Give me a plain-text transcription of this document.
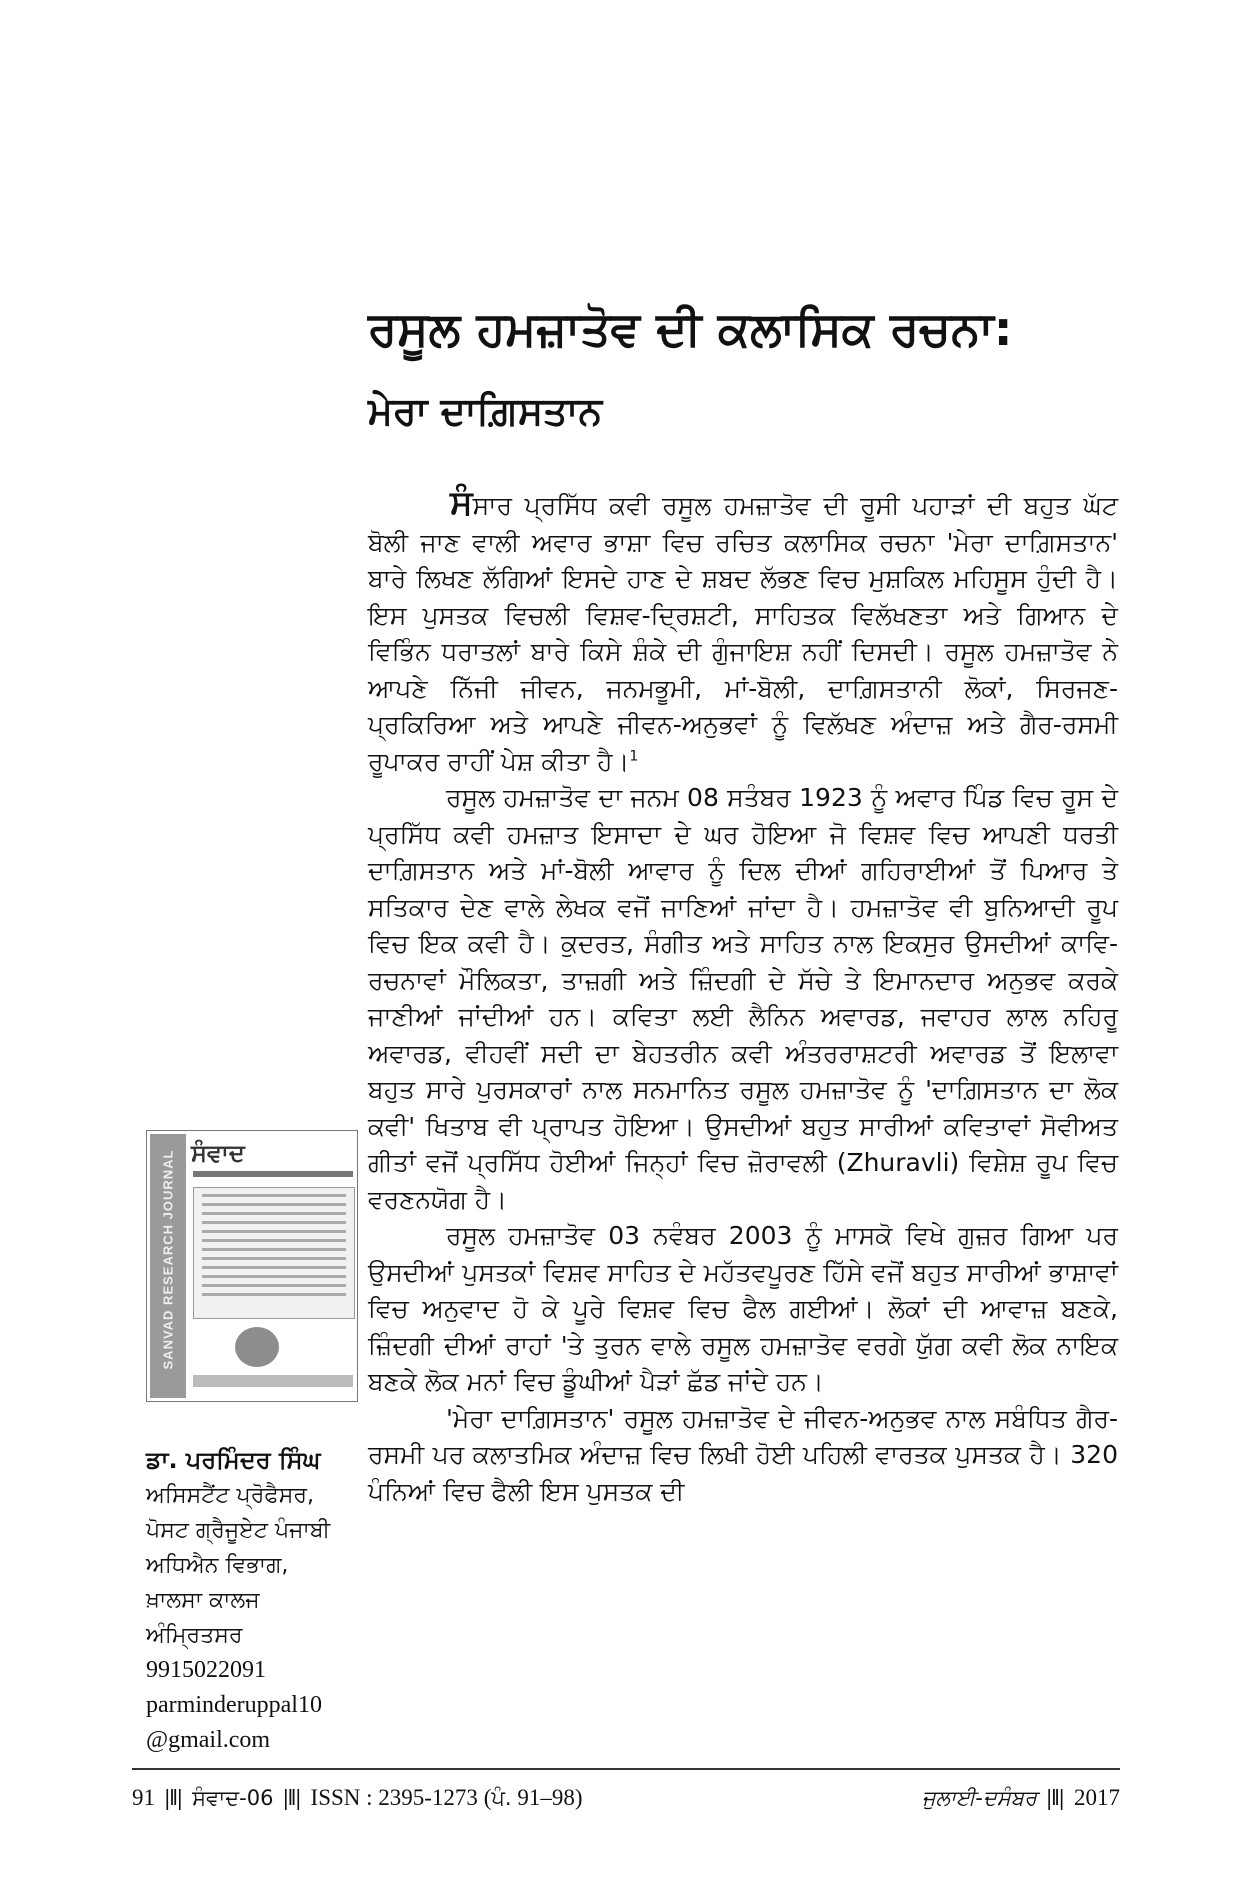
ਰਸੂਲ ਹਮਜ਼ਾਤੋਵ ਦੀ ਕਲਾਸਿਕ ਰਚਨਾ:
ਮੇਰਾ ਦਾਗ਼ਿਸਤਾਨ

ਸੰਸਾਰ ਪ੍ਰਸਿੱਧ ਕਵੀ ਰਸੂਲ ਹਮਜ਼ਾਤੋਵ ਦੀ ਰੂਸੀ ਪਹਾੜਾਂ ਦੀ ਬਹੁਤ ਘੱਟ ਬੋਲੀ ਜਾਣ ਵਾਲੀ ਅਵਾਰ ਭਾਸ਼ਾ ਵਿਚ ਰਚਿਤ ਕਲਾਸਿਕ ਰਚਨਾ 'ਮੇਰਾ ਦਾਗ਼ਿਸਤਾਨ' ਬਾਰੇ ਲਿਖਣ ਲੱਗਿਆਂ ਇਸਦੇ ਹਾਣ ਦੇ ਸ਼ਬਦ ਲੱਭਣ ਵਿਚ ਮੁਸ਼ਕਿਲ ਮਹਿਸੂਸ ਹੁੰਦੀ ਹੈ। ਇਸ ਪੁਸਤਕ ਵਿਚਲੀ ਵਿਸ਼ਵ-ਦ੍ਰਿਸ਼ਟੀ, ਸਾਹਿਤਕ ਵਿਲੱਖਣਤਾ ਅਤੇ ਗਿਆਨ ਦੇ ਵਿਭਿੰਨ ਧਰਾਤਲਾਂ ਬਾਰੇ ਕਿਸੇ ਸ਼ੰਕੇ ਦੀ ਗੁੰਜਾਇਸ਼ ਨਹੀਂ ਦਿਸਦੀ। ਰਸੂਲ ਹਮਜ਼ਾਤੋਵ ਨੇ ਆਪਣੇ ਨਿੱਜੀ ਜੀਵਨ, ਜਨਮਭੂਮੀ, ਮਾਂ-ਬੋਲੀ, ਦਾਗ਼ਿਸਤਾਨੀ ਲੋਕਾਂ, ਸਿਰਜਣ-ਪ੍ਰਕਿਰਿਆ ਅਤੇ ਆਪਣੇ ਜੀਵਨ-ਅਨੁਭਵਾਂ ਨੂੰ ਵਿਲੱਖਣ ਅੰਦਾਜ਼ ਅਤੇ ਗੈਰ-ਰਸਮੀ ਰੂਪਾਕਰ ਰਾਹੀਂ ਪੇਸ਼ ਕੀਤਾ ਹੈ।$^1$

ਰਸੂਲ ਹਮਜ਼ਾਤੋਵ ਦਾ ਜਨਮ 08 ਸਤੰਬਰ 1923 ਨੂੰ ਅਵਾਰ ਪਿੰਡ ਵਿਚ ਰੂਸ ਦੇ ਪ੍ਰਸਿੱਧ ਕਵੀ ਹਮਜ਼ਾਤ ਇਸਾਦਾ ਦੇ ਘਰ ਹੋਇਆ ਜੋ ਵਿਸ਼ਵ ਵਿਚ ਆਪਣੀ ਧਰਤੀ ਦਾਗ਼ਿਸਤਾਨ ਅਤੇ ਮਾਂ-ਬੋਲੀ ਆਵਾਰ ਨੂੰ ਦਿਲ ਦੀਆਂ ਗਹਿਰਾਈਆਂ ਤੋਂ ਪਿਆਰ ਤੇ ਸਤਿਕਾਰ ਦੇਣ ਵਾਲੇ ਲੇਖਕ ਵਜੋਂ ਜਾਣਿਆਂ ਜਾਂਦਾ ਹੈ। ਹਮਜ਼ਾਤੋਵ ਵੀ ਬੁਨਿਆਦੀ ਰੂਪ ਵਿਚ ਇਕ ਕਵੀ ਹੈ। ਕੁਦਰਤ, ਸੰਗੀਤ ਅਤੇ ਸਾਹਿਤ ਨਾਲ ਇਕਸੁਰ ਉਸਦੀਆਂ ਕਾਵਿ-ਰਚਨਾਵਾਂ ਮੌਲਿਕਤਾ, ਤਾਜ਼ਗੀ ਅਤੇ ਜ਼ਿੰਦਗੀ ਦੇ ਸੱਚੇ ਤੇ ਇਮਾਨਦਾਰ ਅਨੁਭਵ ਕਰਕੇ ਜਾਣੀਆਂ ਜਾਂਦੀਆਂ ਹਨ। ਕਵਿਤਾ ਲਈ ਲੈਨਿਨ ਅਵਾਰਡ, ਜਵਾਹਰ ਲਾਲ ਨਹਿਰੂ ਅਵਾਰਡ, ਵੀਹਵੀਂ ਸਦੀ ਦਾ ਬੇਹਤਰੀਨ ਕਵੀ ਅੰਤਰਰਾਸ਼ਟਰੀ ਅਵਾਰਡ ਤੋਂ ਇਲਾਵਾ ਬਹੁਤ ਸਾਰੇ ਪੁਰਸਕਾਰਾਂ ਨਾਲ ਸਨਮਾਨਿਤ ਰਸੂਲ ਹਮਜ਼ਾਤੋਵ ਨੂੰ 'ਦਾਗ਼ਿਸਤਾਨ ਦਾ ਲੋਕ ਕਵੀ' ਖਿਤਾਬ ਵੀ ਪ੍ਰਾਪਤ ਹੋਇਆ। ਉਸਦੀਆਂ ਬਹੁਤ ਸਾਰੀਆਂ ਕਵਿਤਾਵਾਂ ਸੋਵੀਅਤ ਗੀਤਾਂ ਵਜੋਂ ਪ੍ਰਸਿੱਧ ਹੋਈਆਂ ਜਿਨ੍ਹਾਂ ਵਿਚ ਜ਼ੋਰਾਵਲੀ (Zhuravli) ਵਿਸ਼ੇਸ਼ ਰੂਪ ਵਿਚ ਵਰਣਨਯੋਗ ਹੈ।

ਰਸੂਲ ਹਮਜ਼ਾਤੋਵ 03 ਨਵੰਬਰ 2003 ਨੂੰ ਮਾਸਕੋ ਵਿਖੇ ਗੁਜ਼ਰ ਗਿਆ ਪਰ ਉਸਦੀਆਂ ਪੁਸਤਕਾਂ ਵਿਸ਼ਵ ਸਾਹਿਤ ਦੇ ਮਹੱਤਵਪੂਰਣ ਹਿੱਸੇ ਵਜੋਂ ਬਹੁਤ ਸਾਰੀਆਂ ਭਾਸ਼ਾਵਾਂ ਵਿਚ ਅਨੁਵਾਦ ਹੋ ਕੇ ਪੂਰੇ ਵਿਸ਼ਵ ਵਿਚ ਫੈਲ ਗਈਆਂ। ਲੋਕਾਂ ਦੀ ਆਵਾਜ਼ ਬਣਕੇ, ਜ਼ਿੰਦਗੀ ਦੀਆਂ ਰਾਹਾਂ 'ਤੇ ਤੁਰਨ ਵਾਲੇ ਰਸੂਲ ਹਮਜ਼ਾਤੋਵ ਵਰਗੇ ਯੁੱਗ ਕਵੀ ਲੋਕ ਨਾਇਕ ਬਣਕੇ ਲੋਕ ਮਨਾਂ ਵਿਚ ਡੂੰਘੀਆਂ ਪੈੜਾਂ ਛੱਡ ਜਾਂਦੇ ਹਨ।

'ਮੇਰਾ ਦਾਗ਼ਿਸਤਾਨ' ਰਸੂਲ ਹਮਜ਼ਾਤੋਵ ਦੇ ਜੀਵਨ-ਅਨੁਭਵ ਨਾਲ ਸਬੰਧਿਤ ਗੈਰ-ਰਸਮੀ ਪਰ ਕਲਾਤਮਿਕ ਅੰਦਾਜ਼ ਵਿਚ ਲਿਖੀ ਹੋਈ ਪਹਿਲੀ ਵਾਰਤਕ ਪੁਸਤਕ ਹੈ। 320 ਪੰਨਿਆਂ ਵਿਚ ਫੈਲੀ ਇਸ ਪੁਸਤਕ ਦੀ

SANVAD RESEARCH JOURNAL ਸੰਵਾਦ
ਡਾ. ਪਰਮਿੰਦਰ ਸਿੰਘ
ਅਸਿਸਟੈਂਟ ਪ੍ਰੋਫੈਸਰ,
ਪੋਸਟ ਗ੍ਰੈਜੂਏਟ ਪੰਜਾਬੀ
ਅਧਿਐਨ ਵਿਭਾਗ,
ਖ਼ਾਲਸਾ ਕਾਲਜ
ਅੰਮ੍ਰਿਤਸਰ
9915022091
parminderuppal10
@gmail.com
91 |‖| ਸੰਵਾਦ-06 |‖| ISSN : 2395-1273 (ਪੰ. 91–98)	ਜੁਲਾਈ-ਦਸੰਬਰ |‖| 2017
